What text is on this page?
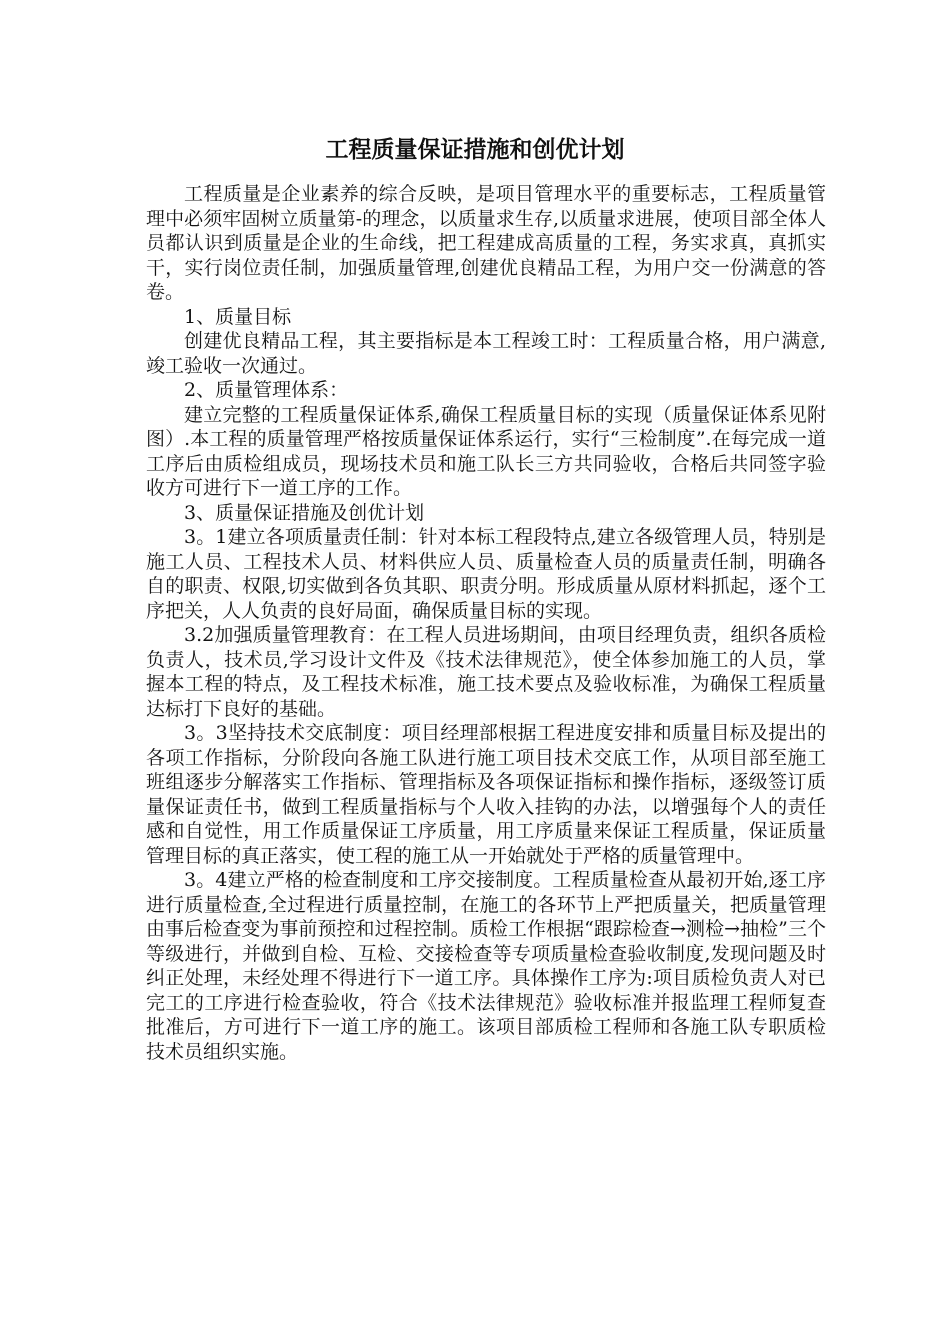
工程质量保证措施和创优计划

工程质量是企业素养的综合反映，是项目管理水平的重要标志，工程质量管理中必须牢固树立质量第-的理念，以质量求生存,以质量求进展，使项目部全体人员都认识到质量是企业的生命线，把工程建成高质量的工程，务实求真，真抓实干，实行岗位责任制，加强质量管理,创建优良精品工程，为用户交一份满意的答卷。

1、质量目标

创建优良精品工程，其主要指标是本工程竣工时：工程质量合格，用户满意,竣工验收一次通过。

2、质量管理体系：

建立完整的工程质量保证体系,确保工程质量目标的实现（质量保证体系见附图）.本工程的质量管理严格按质量保证体系运行，实行“三检制度”.在每完成一道工序后由质检组成员，现场技术员和施工队长三方共同验收，合格后共同签字验收方可进行下一道工序的工作。

3、质量保证措施及创优计划

3。1建立各项质量责任制：针对本标工程段特点,建立各级管理人员，特别是施工人员、工程技术人员、材料供应人员、质量检查人员的质量责任制，明确各自的职责、权限,切实做到各负其职、职责分明。形成质量从原材料抓起，逐个工序把关，人人负责的良好局面，确保质量目标的实现。

3.2加强质量管理教育：在工程人员进场期间，由项目经理负责，组织各质检负责人，技术员,学习设计文件及《技术法律规范》，使全体参加施工的人员，掌握本工程的特点，及工程技术标准，施工技术要点及验收标准，为确保工程质量达标打下良好的基础。

3。3坚持技术交底制度：项目经理部根据工程进度安排和质量目标及提出的各项工作指标，分阶段向各施工队进行施工项目技术交底工作，从项目部至施工班组逐步分解落实工作指标、管理指标及各项保证指标和操作指标，逐级签订质量保证责任书，做到工程质量指标与个人收入挂钩的办法，以增强每个人的责任感和自觉性，用工作质量保证工序质量，用工序质量来保证工程质量，保证质量管理目标的真正落实，使工程的施工从一开始就处于严格的质量管理中。

3。4建立严格的检查制度和工序交接制度。工程质量检查从最初开始,逐工序进行质量检查,全过程进行质量控制，在施工的各环节上严把质量关，把质量管理由事后检查变为事前预控和过程控制。质检工作根据“跟踪检查→测检→抽检”三个等级进行，并做到自检、互检、交接检查等专项质量检查验收制度,发现问题及时纠正处理，未经处理不得进行下一道工序。具体操作工序为:项目质检负责人对已完工的工序进行检查验收，符合《技术法律规范》验收标准并报监理工程师复查批准后，方可进行下一道工序的施工。该项目部质检工程师和各施工队专职质检技术员组织实施。
